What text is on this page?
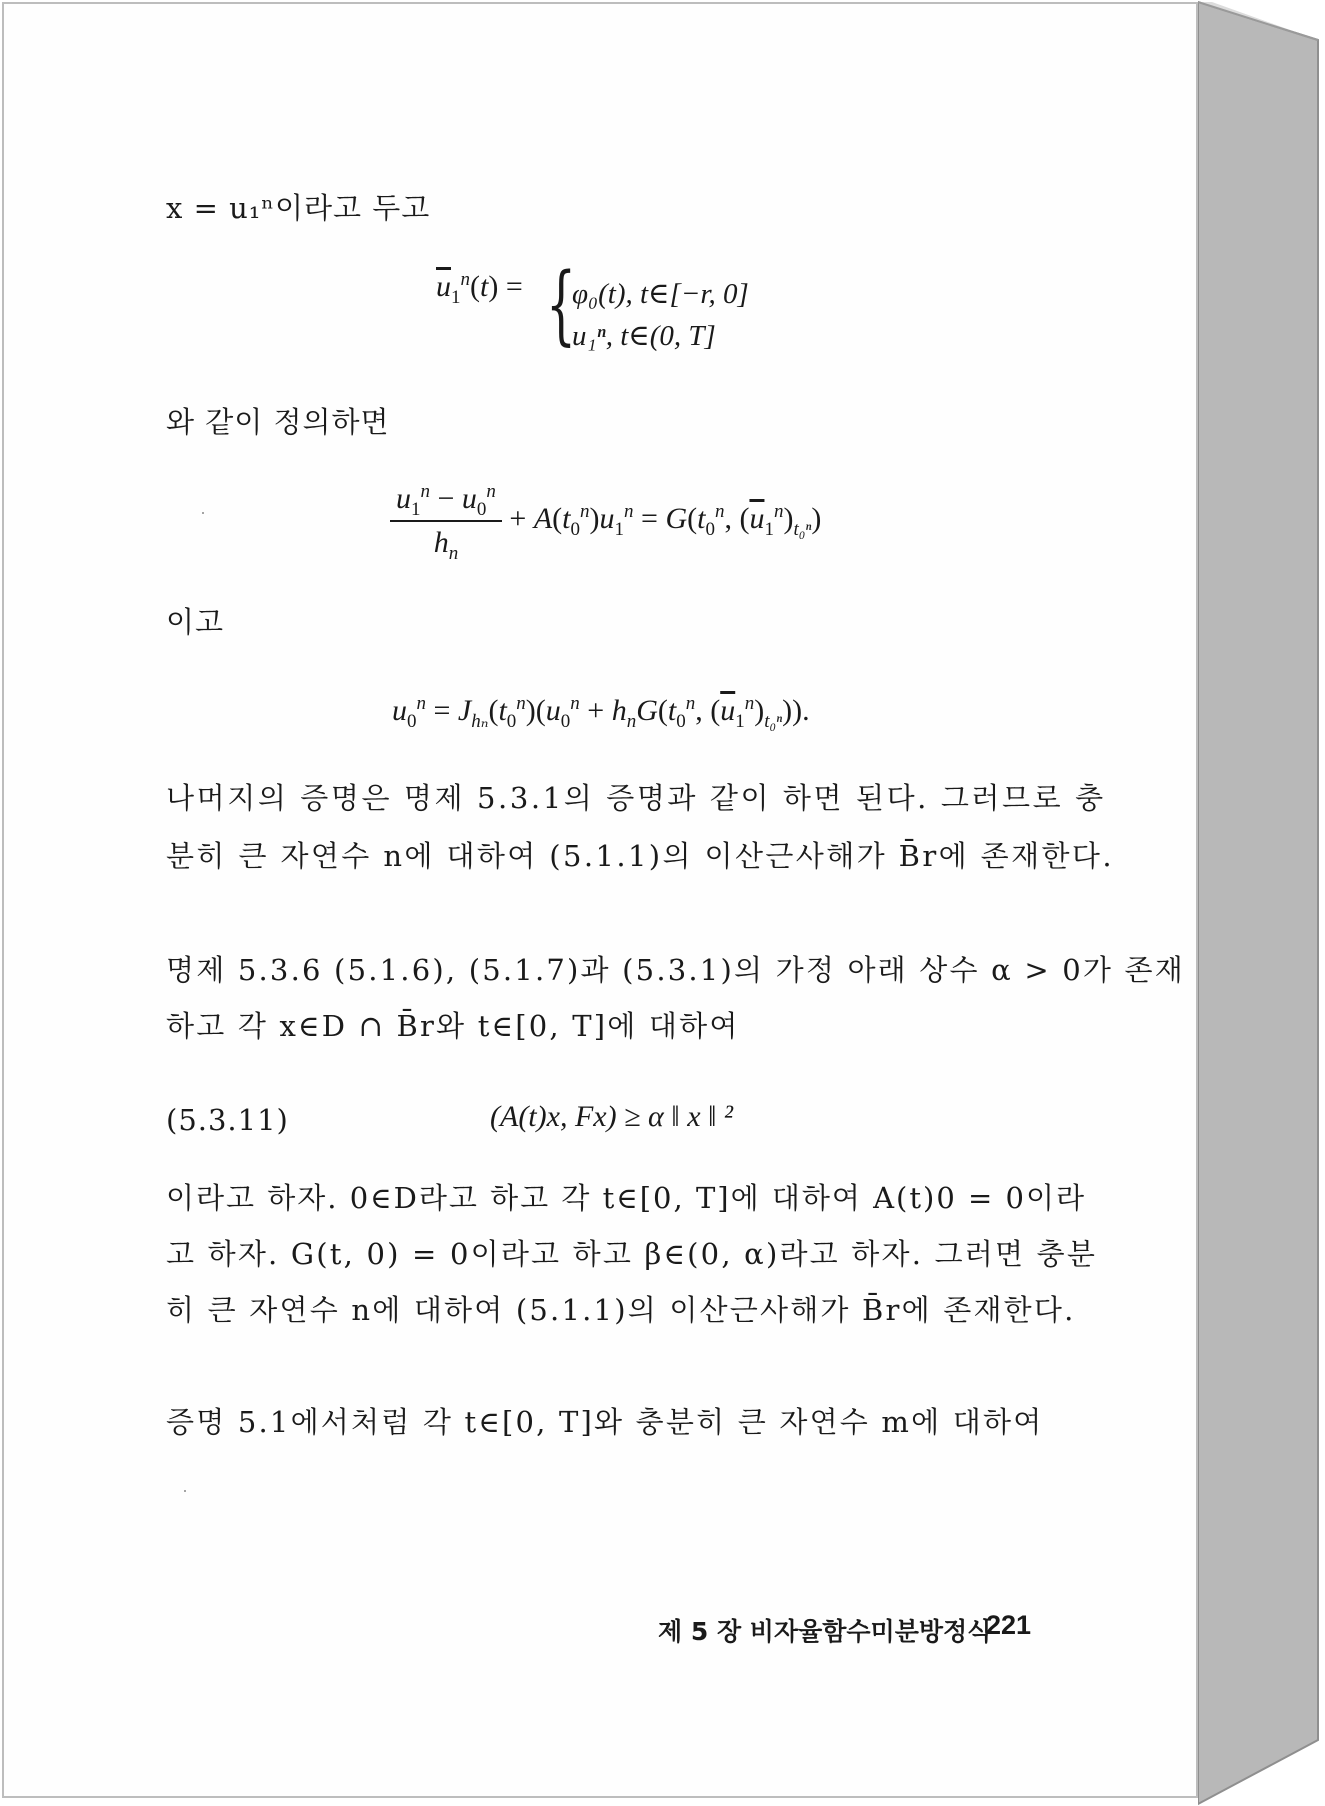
x = u₁ⁿ이라고 두고
$\overline{u}_1^n(t)$ = {
φ₀(t), t∈[−r, 0]
u₁ⁿ, t∈(0, T]
와 같이 정의하면
$\frac{u_1^n - u_0^n}{h_n} + A(t_0^n)u_1^n = G(t_0^n$, $(\overline{u}_1^n)_{t_0^n}$)
이고
$u_0^n = J_{h_n}(t_0^n)(u_0^n + h_nG(t_0^n$, $(\overline{u}_1^n)_{t_0^n}$)).
나머지의 증명은 명제 5.3.1의 증명과 같이 하면 된다. 그러므로 충
분히 큰 자연수 n에 대하여 (5.1.1)의 이산근사해가 B̄r에 존재한다.
명제 5.3.6 (5.1.6), (5.1.7)과 (5.3.1)의 가정 아래 상수 α > 0가 존재
하고 각 x∈D ∩ B̄r와 t∈[0, T]에 대하여
(5.3.11)	(A(t)x, Fx) ≥ α ‖ x ‖ ²
이라고 하자. 0∈D라고 하고 각 t∈[0, T]에 대하여 A(t)0 = 0이라
고 하자. G(t, 0) = 0이라고 하고 β∈(0, α)라고 하자. 그러면 충분
히 큰 자연수 n에 대하여 (5.1.1)의 이산근사해가 B̄r에 존재한다.
증명 5.1에서처럼 각 t∈[0, T]와 충분히 큰 자연수 m에 대하여
제 5 장 비자율함수미분방정식
221
